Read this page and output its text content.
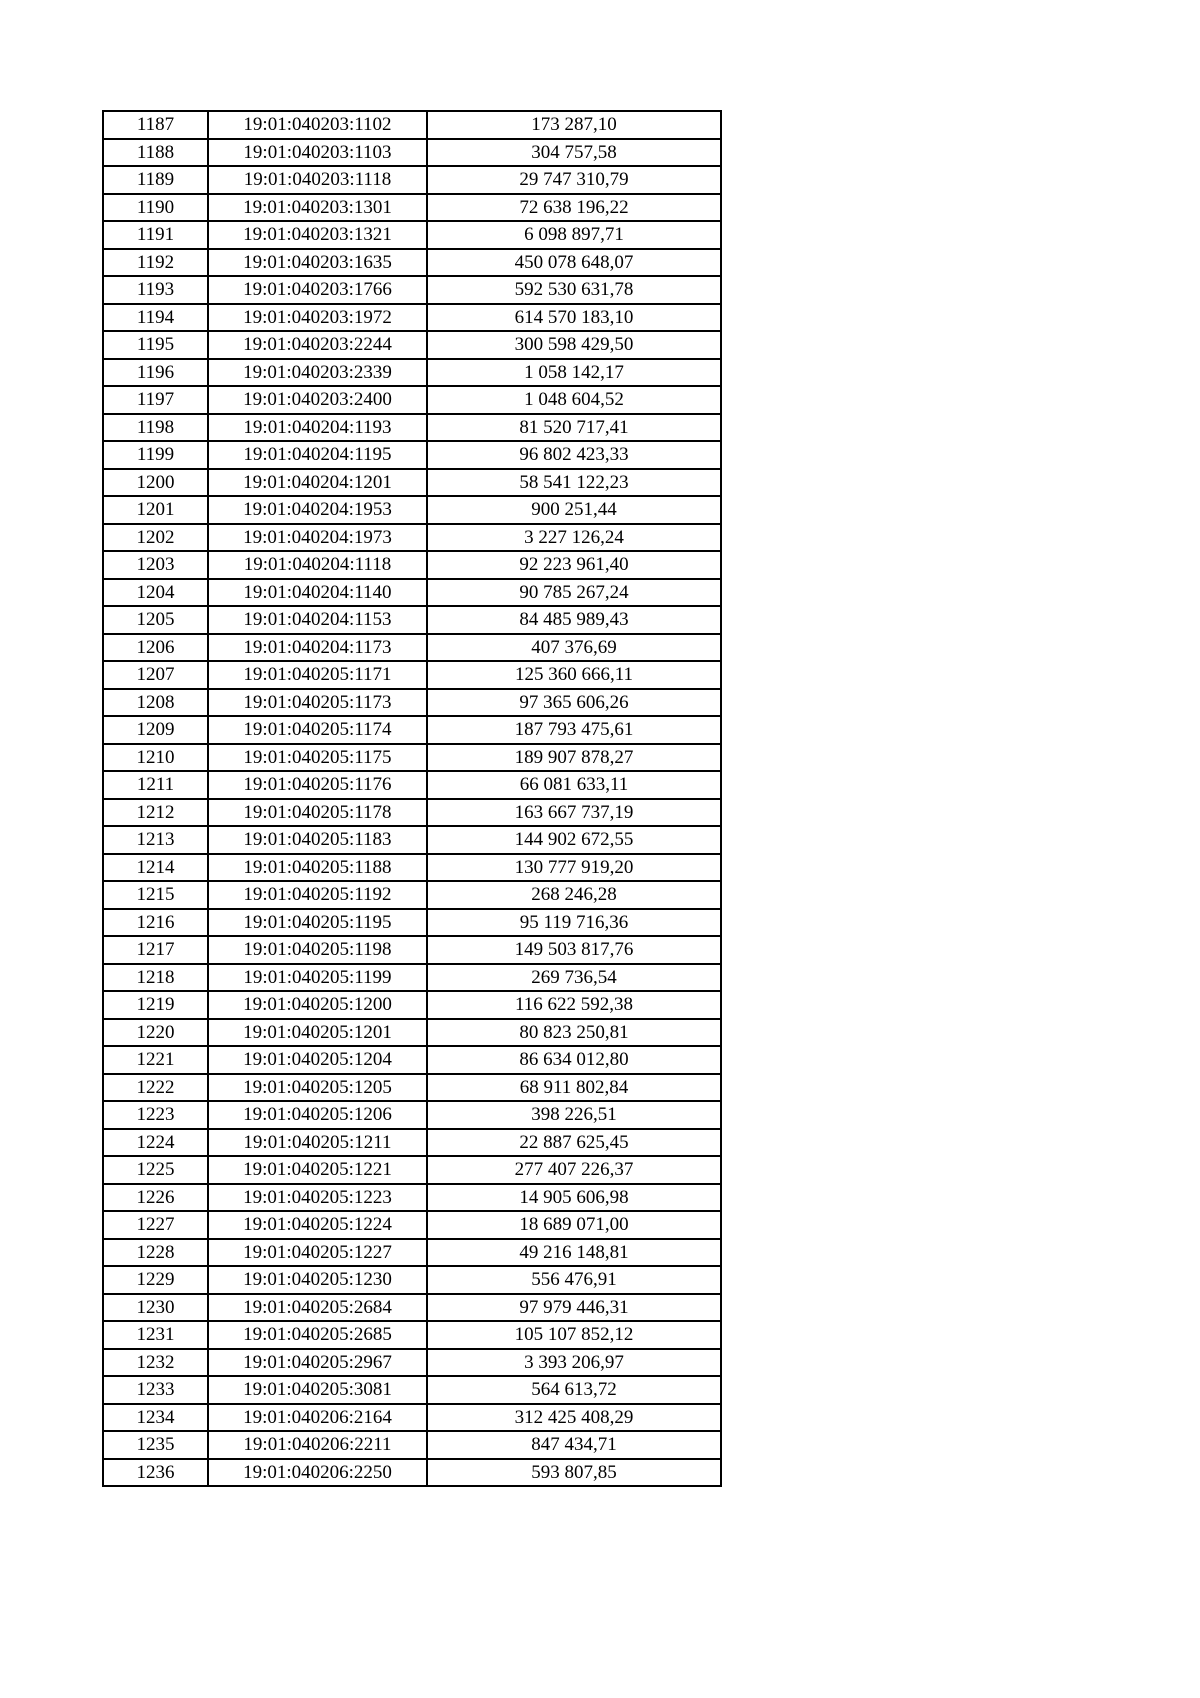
1187	19:01:040203:1102	173 287,10
1188	19:01:040203:1103	304 757,58
1189	19:01:040203:1118	29 747 310,79
1190	19:01:040203:1301	72 638 196,22
1191	19:01:040203:1321	6 098 897,71
1192	19:01:040203:1635	450 078 648,07
1193	19:01:040203:1766	592 530 631,78
1194	19:01:040203:1972	614 570 183,10
1195	19:01:040203:2244	300 598 429,50
1196	19:01:040203:2339	1 058 142,17
1197	19:01:040203:2400	1 048 604,52
1198	19:01:040204:1193	81 520 717,41
1199	19:01:040204:1195	96 802 423,33
1200	19:01:040204:1201	58 541 122,23
1201	19:01:040204:1953	900 251,44
1202	19:01:040204:1973	3 227 126,24
1203	19:01:040204:1118	92 223 961,40
1204	19:01:040204:1140	90 785 267,24
1205	19:01:040204:1153	84 485 989,43
1206	19:01:040204:1173	407 376,69
1207	19:01:040205:1171	125 360 666,11
1208	19:01:040205:1173	97 365 606,26
1209	19:01:040205:1174	187 793 475,61
1210	19:01:040205:1175	189 907 878,27
1211	19:01:040205:1176	66 081 633,11
1212	19:01:040205:1178	163 667 737,19
1213	19:01:040205:1183	144 902 672,55
1214	19:01:040205:1188	130 777 919,20
1215	19:01:040205:1192	268 246,28
1216	19:01:040205:1195	95 119 716,36
1217	19:01:040205:1198	149 503 817,76
1218	19:01:040205:1199	269 736,54
1219	19:01:040205:1200	116 622 592,38
1220	19:01:040205:1201	80 823 250,81
1221	19:01:040205:1204	86 634 012,80
1222	19:01:040205:1205	68 911 802,84
1223	19:01:040205:1206	398 226,51
1224	19:01:040205:1211	22 887 625,45
1225	19:01:040205:1221	277 407 226,37
1226	19:01:040205:1223	14 905 606,98
1227	19:01:040205:1224	18 689 071,00
1228	19:01:040205:1227	49 216 148,81
1229	19:01:040205:1230	556 476,91
1230	19:01:040205:2684	97 979 446,31
1231	19:01:040205:2685	105 107 852,12
1232	19:01:040205:2967	3 393 206,97
1233	19:01:040205:3081	564 613,72
1234	19:01:040206:2164	312 425 408,29
1235	19:01:040206:2211	847 434,71
1236	19:01:040206:2250	593 807,85
